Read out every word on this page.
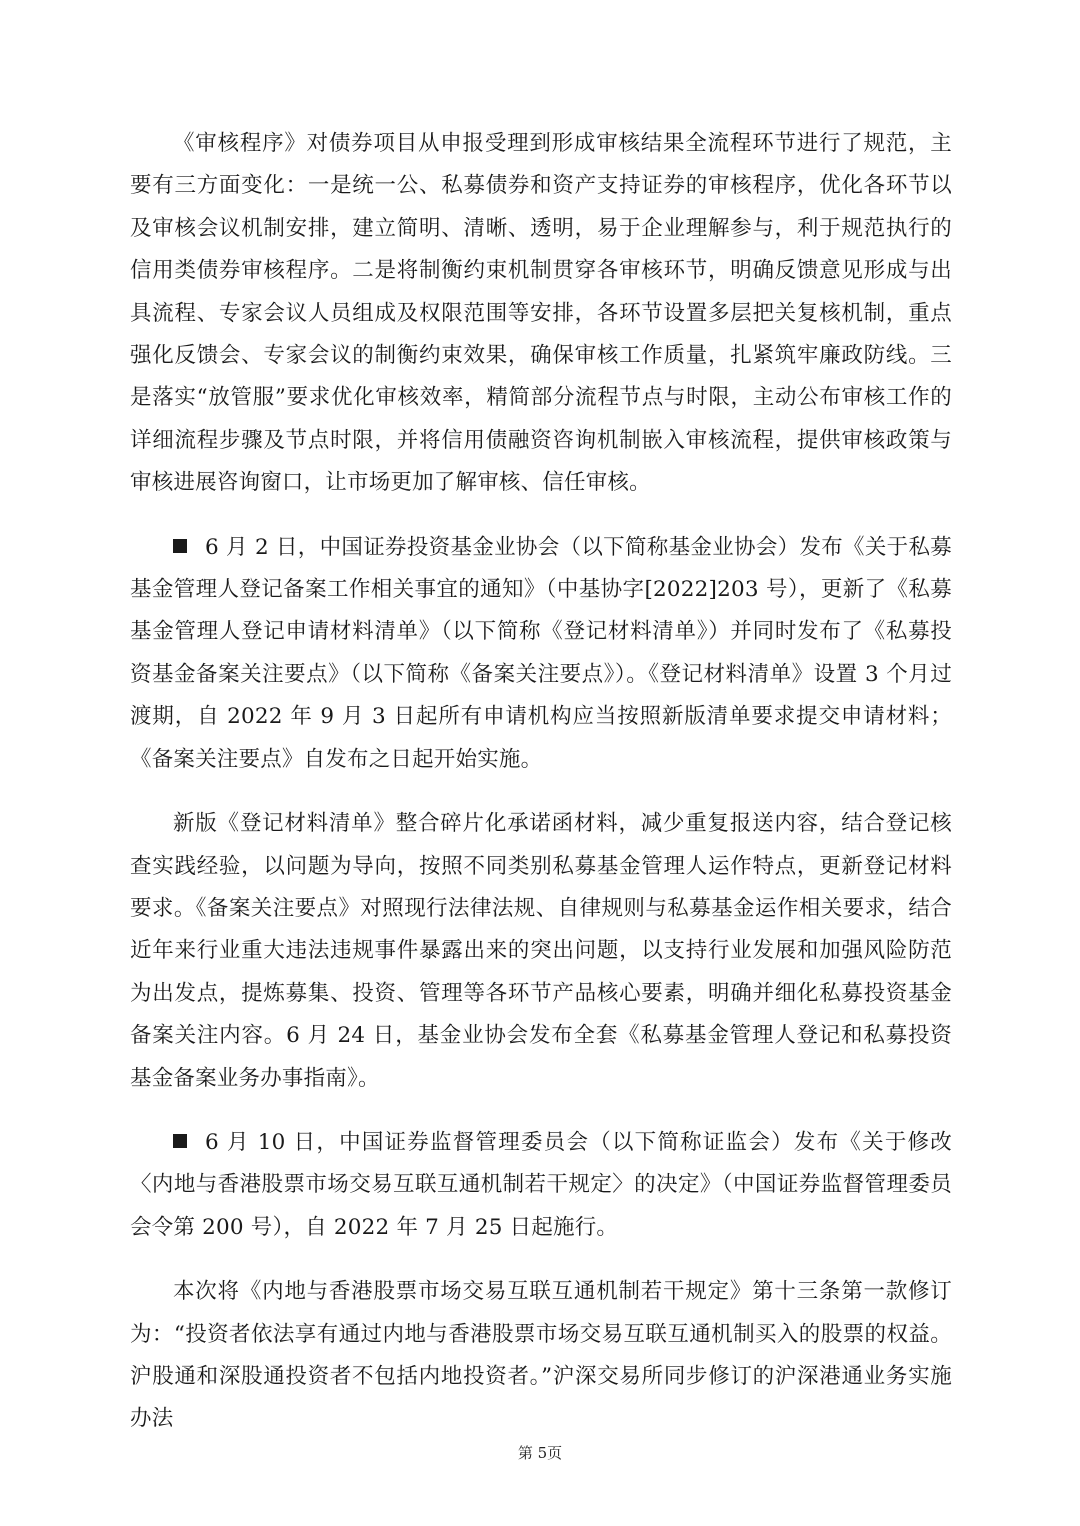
《审核程序》对债券项目从申报受理到形成审核结果全流程环节进行了规范，主要有三方面变化：一是统一公、私募债券和资产支持证券的审核程序，优化各环节以及审核会议机制安排，建立简明、清晰、透明，易于企业理解参与，利于规范执行的信用类债券审核程序。二是将制衡约束机制贯穿各审核环节，明确反馈意见形成与出具流程、专家会议人员组成及权限范围等安排，各环节设置多层把关复核机制，重点强化反馈会、专家会议的制衡约束效果，确保审核工作质量，扎紧筑牢廉政防线。三是落实“放管服”要求优化审核效率，精简部分流程节点与时限，主动公布审核工作的详细流程步骤及节点时限，并将信用债融资咨询机制嵌入审核流程，提供审核政策与审核进展咨询窗口，让市场更加了解审核、信任审核。

6 月 2 日，中国证券投资基金业协会（以下简称基金业协会）发布《关于私募基金管理人登记备案工作相关事宜的通知》（中基协字[2022]203 号），更新了《私募基金管理人登记申请材料清单》（以下简称《登记材料清单》）并同时发布了《私募投资基金备案关注要点》（以下简称《备案关注要点》）。《登记材料清单》设置 3 个月过渡期，自 2022 年 9 月 3 日起所有申请机构应当按照新版清单要求提交申请材料；《备案关注要点》自发布之日起开始实施。

新版《登记材料清单》整合碎片化承诺函材料，减少重复报送内容，结合登记核查实践经验，以问题为导向，按照不同类别私募基金管理人运作特点，更新登记材料要求。《备案关注要点》对照现行法律法规、自律规则与私募基金运作相关要求，结合近年来行业重大违法违规事件暴露出来的突出问题，以支持行业发展和加强风险防范为出发点，提炼募集、投资、管理等各环节产品核心要素，明确并细化私募投资基金备案关注内容。6 月 24 日，基金业协会发布全套《私募基金管理人登记和私募投资基金备案业务办事指南》。

6 月 10 日，中国证券监督管理委员会（以下简称证监会）发布《关于修改〈内地与香港股票市场交易互联互通机制若干规定〉的决定》（中国证券监督管理委员会令第 200 号），自 2022 年 7 月 25 日起施行。

本次将《内地与香港股票市场交易互联互通机制若干规定》第十三条第一款修订为：“投资者依法享有通过内地与香港股票市场交易互联互通机制买入的股票的权益。沪股通和深股通投资者不包括内地投资者。”沪深交易所同步修订的沪深港通业务实施办法

第 5页
